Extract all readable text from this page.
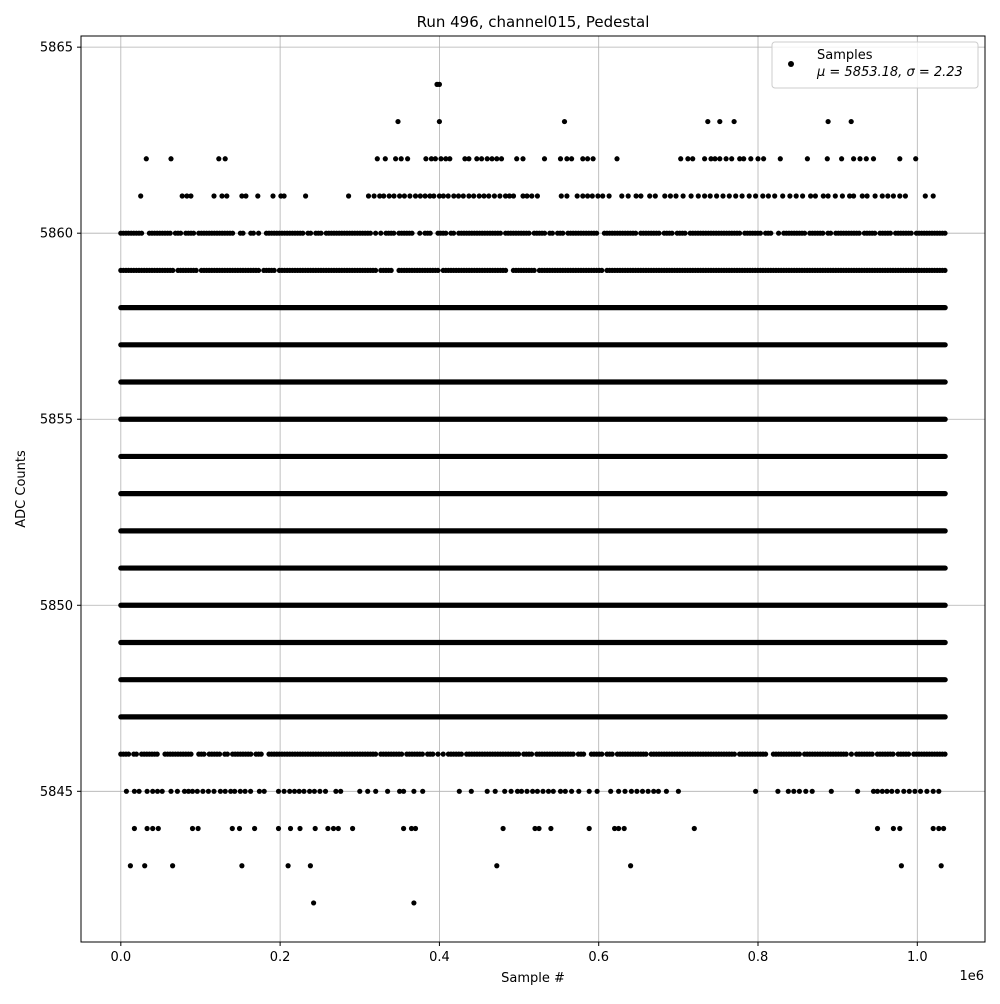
0.0	0.2	0.4	0.6	0.8	1.0
5845
5850
5855
5860
5865
Run 496, channel015, Pedestal
Sample #
ADC Counts
1e6
Samples
μ = 5853.18, σ = 2.23
